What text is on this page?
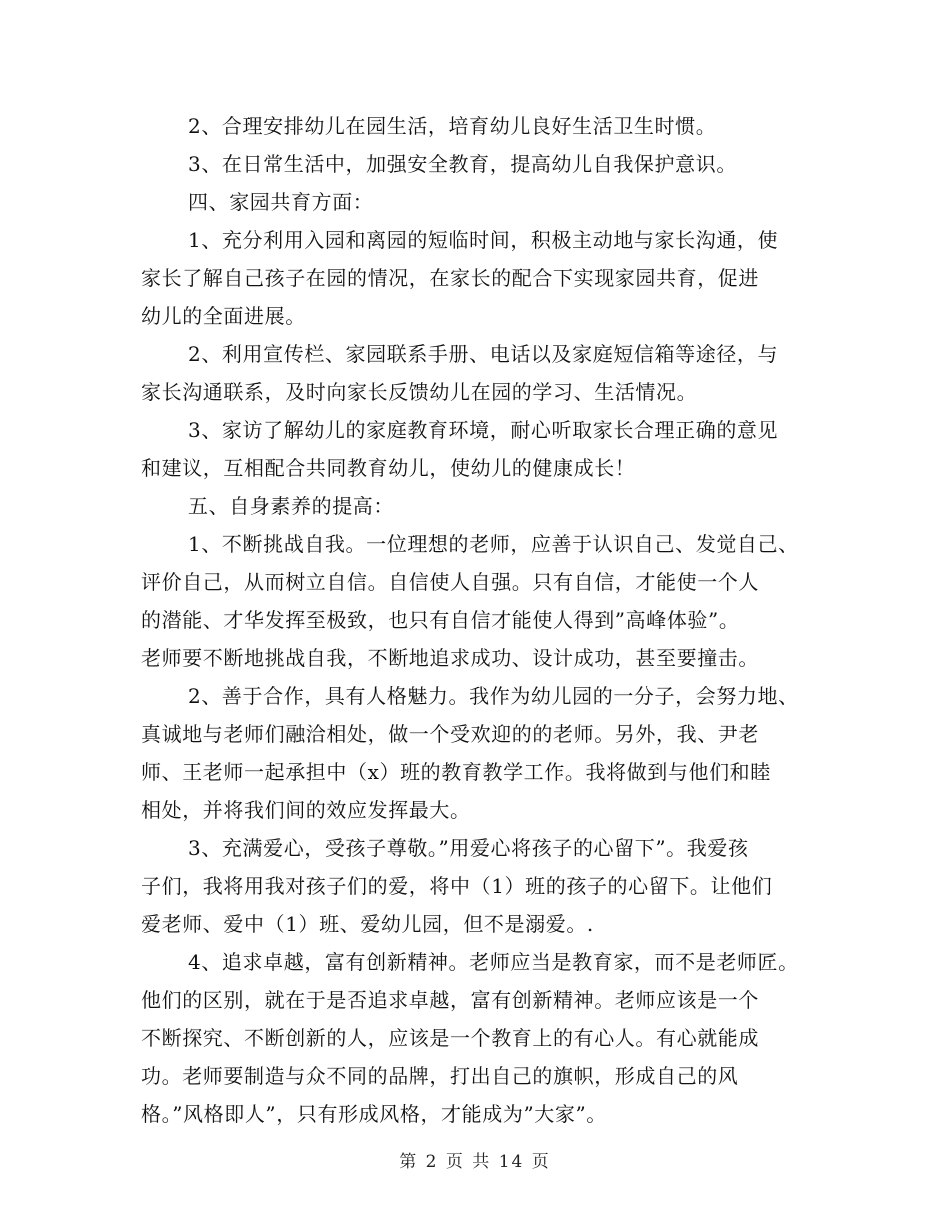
2、合理安排幼儿在园生活，培育幼儿良好生活卫生时惯。
3、在日常生活中，加强安全教育，提高幼儿自我保护意识。
四、家园共育方面：
1、充分利用入园和离园的短临时间，积极主动地与家长沟通，使
家长了解自己孩子在园的情况，在家长的配合下实现家园共育，促进
幼儿的全面进展。
2、利用宣传栏、家园联系手册、电话以及家庭短信箱等途径，与
家长沟通联系，及时向家长反馈幼儿在园的学习、生活情况。
3、家访了解幼儿的家庭教育环境，耐心听取家长合理正确的意见
和建议，互相配合共同教育幼儿，使幼儿的健康成长！
五、自身素养的提高：
1、不断挑战自我。一位理想的老师，应善于认识自己、发觉自己、
评价自己，从而树立自信。自信使人自强。只有自信，才能使一个人
的潜能、才华发挥至极致，也只有自信才能使人得到”高峰体验”。
老师要不断地挑战自我，不断地追求成功、设计成功，甚至要撞击。
2、善于合作，具有人格魅力。我作为幼儿园的一分子，会努力地、
真诚地与老师们融洽相处，做一个受欢迎的的老师。另外，我、尹老
师、王老师一起承担中（x）班的教育教学工作。我将做到与他们和睦
相处，并将我们间的效应发挥最大。
3、充满爱心，受孩子尊敬。”用爱心将孩子的心留下”。我爱孩
子们，我将用我对孩子们的爱，将中（1）班的孩子的心留下。让他们
爱老师、爱中（1）班、爱幼儿园，但不是溺爱。.
4、追求卓越，富有创新精神。老师应当是教育家，而不是老师匠。
他们的区别，就在于是否追求卓越，富有创新精神。老师应该是一个
不断探究、不断创新的人，应该是一个教育上的有心人。有心就能成
功。老师要制造与众不同的品牌，打出自己的旗帜，形成自己的风
格。”风格即人”，只有形成风格，才能成为”大家”。
第 2 页 共 14 页
